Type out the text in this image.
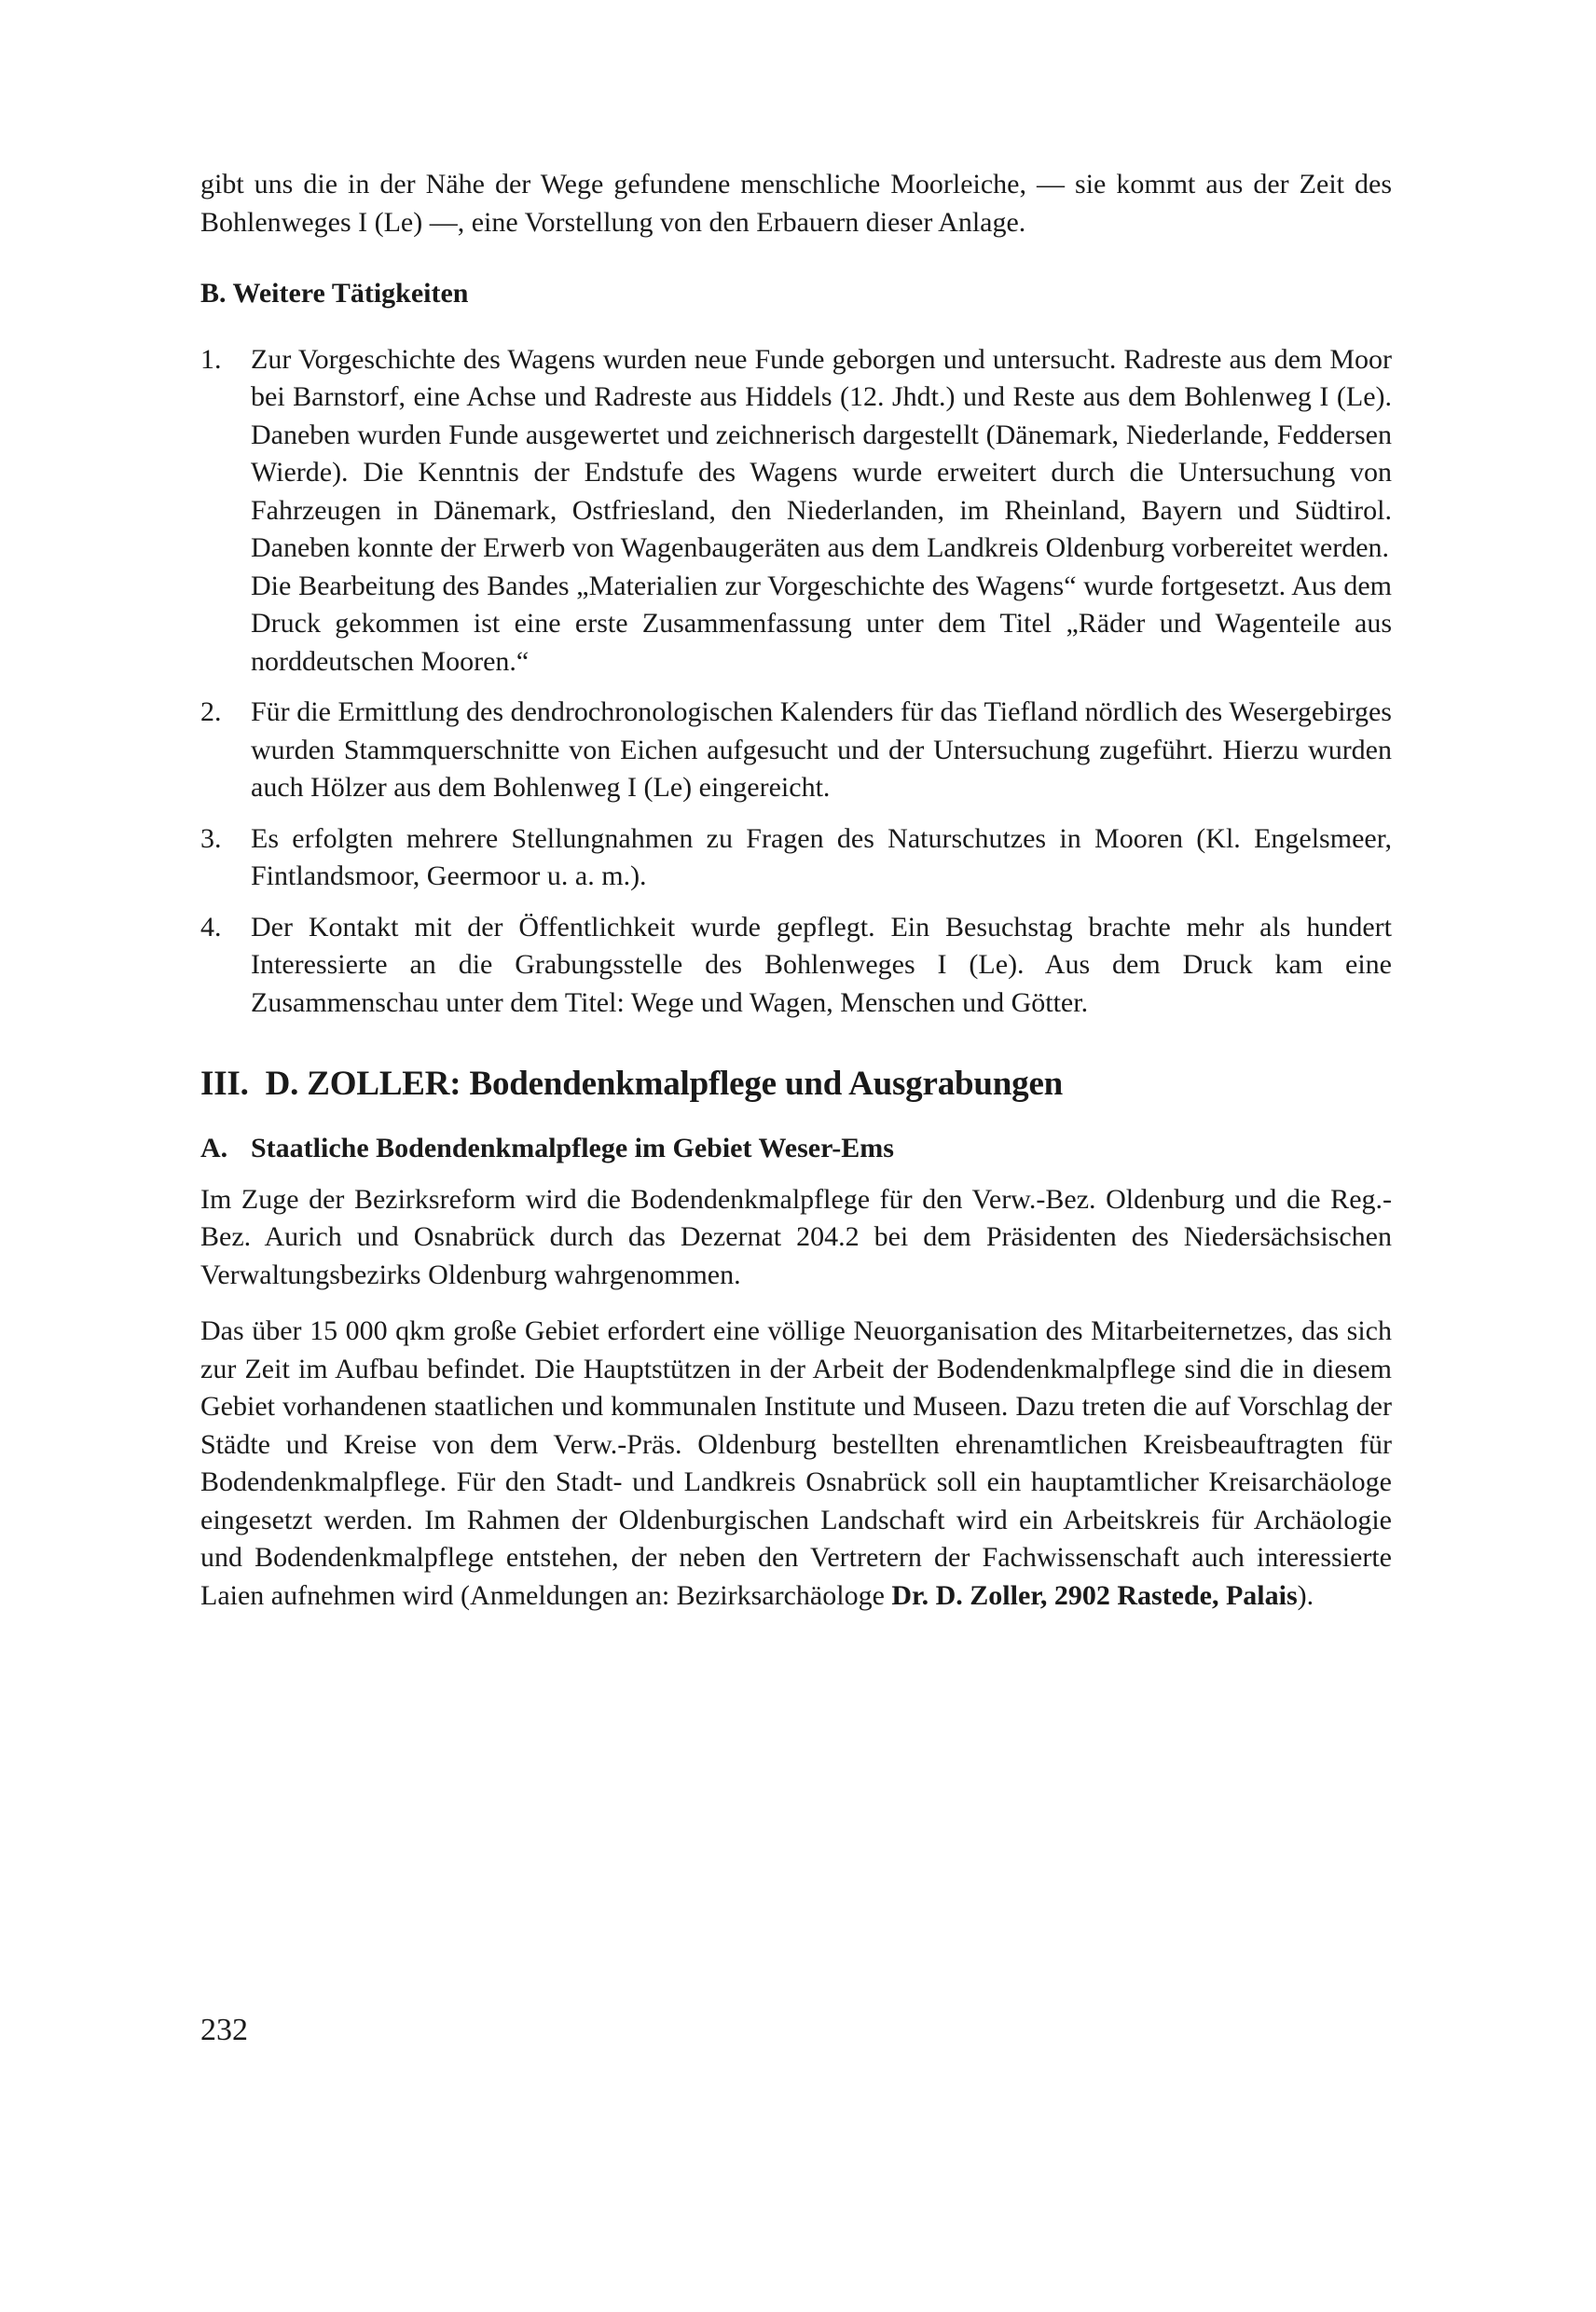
gibt uns die in der Nähe der Wege gefundene menschliche Moorleiche, — sie kommt aus der Zeit des Bohlenweges I (Le) —, eine Vorstellung von den Erbauern dieser Anlage.

B. Weitere Tätigkeiten
1.	Zur Vorgeschichte des Wagens wurden neue Funde geborgen und untersucht. Radreste aus dem Moor bei Barnstorf, eine Achse und Radreste aus Hiddels (12. Jhdt.) und Reste aus dem Bohlenweg I (Le). Daneben wurden Funde ausgewertet und zeichnerisch dargestellt (Dänemark, Niederlande, Feddersen Wierde). Die Kenntnis der Endstufe des Wagens wurde erweitert durch die Untersuchung von Fahrzeugen in Dänemark, Ostfriesland, den Niederlanden, im Rheinland, Bayern und Südtirol. Daneben konnte der Erwerb von Wagenbaugeräten aus dem Landkreis Oldenburg vorbereitet werden.

Die Bearbeitung des Bandes „Materialien zur Vorgeschichte des Wagens“ wurde fortgesetzt. Aus dem Druck gekommen ist eine erste Zusammenfassung unter dem Titel „Räder und Wagenteile aus norddeutschen Mooren.“

2.	Für die Ermittlung des dendrochronologischen Kalenders für das Tiefland nördlich des Wesergebirges wurden Stammquerschnitte von Eichen aufgesucht und der Untersuchung zugeführt. Hierzu wurden auch Hölzer aus dem Bohlenweg I (Le) eingereicht.

3.	Es erfolgten mehrere Stellungnahmen zu Fragen des Naturschutzes in Mooren (Kl. Engelsmeer, Fintlandsmoor, Geermoor u. a. m.).

4.	Der Kontakt mit der Öffentlichkeit wurde gepflegt. Ein Besuchstag brachte mehr als hundert Interessierte an die Grabungsstelle des Bohlenweges I (Le). Aus dem Druck kam eine Zusammenschau unter dem Titel: Wege und Wagen, Menschen und Götter.

III. D. ZOLLER: Bodendenkmalpflege und Ausgrabungen
A. Staatliche Bodendenkmalpflege im Gebiet Weser-Ems

Im Zuge der Bezirksreform wird die Bodendenkmalpflege für den Verw.-Bez. Oldenburg und die Reg.-Bez. Aurich und Osnabrück durch das Dezernat 204.2 bei dem Präsidenten des Niedersächsischen Verwaltungsbezirks Oldenburg wahrgenommen.

Das über 15 000 qkm große Gebiet erfordert eine völlige Neuorganisation des Mitarbeiternetzes, das sich zur Zeit im Aufbau befindet. Die Hauptstützen in der Arbeit der Bodendenkmalpflege sind die in diesem Gebiet vorhandenen staatlichen und kommunalen Institute und Museen. Dazu treten die auf Vorschlag der Städte und Kreise von dem Verw.-Präs. Oldenburg bestellten ehrenamtlichen Kreisbeauftragten für Bodendenkmalpflege. Für den Stadt- und Landkreis Osnabrück soll ein hauptamtlicher Kreisarchäologe eingesetzt werden. Im Rahmen der Oldenburgischen Landschaft wird ein Arbeitskreis für Archäologie und Bodendenkmalpflege entstehen, der neben den Vertretern der Fachwissenschaft auch interessierte Laien aufnehmen wird (Anmeldungen an: Bezirksarchäologe Dr. D. Zoller, 2902 Rastede, Palais).

232
